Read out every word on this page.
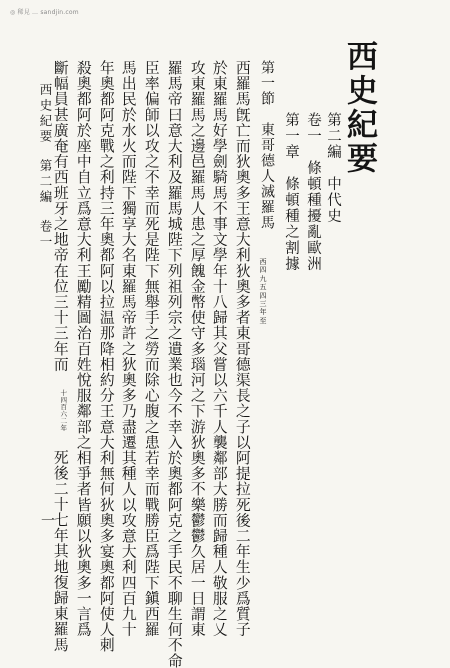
◎ 稀見 … sandjin.com
西史紀要
第二編　中代史
卷一　條頓種擾亂歐洲
第一章　條頓種之割據
第一節　東哥德人滅羅馬
西
四
九
五
四
三
年
至
西羅馬旣亡而狄奧多王意大利狄奧多者東哥德渠長之子以阿提拉死後二年生少爲質子
於東羅馬好學劍騎馬不事文學年十八歸其父嘗以六千人襲鄰部大勝而歸種人敬服之乂
攻東羅馬之邊邑羅馬人患之厚餽金幣使守多瑙河之下游狄奧多不樂鬱鬱久居一日謂東
羅馬帝曰意大利及羅馬城陛下列祖列宗之遺業也今不幸入於奧都阿克之手民不聊生何不命
臣率偏師以攻之不幸而死是陛下無舉手之勞而除心腹之患若幸而戰勝臣爲陛下鎭西羅
馬出民於水火而陛下獨享大名東羅馬帝許之狄奧多乃盡遷其種人以攻意大利四百九十
年奧都阿克戰之利持三年奧都阿以拉温那降相約分王意大利無何狄奧多宴奧都阿使人刺
殺奧都阿於座中自立爲意大利王勵精圖治百姓悅服鄰部之相爭者皆願以狄奧多一言爲
斷幅員甚廣奄有西班牙之地帝在位三十三年而
十
四
百
六
二
年
死後二十七年其地復歸東羅馬
西史紀要第二編卷一
一
